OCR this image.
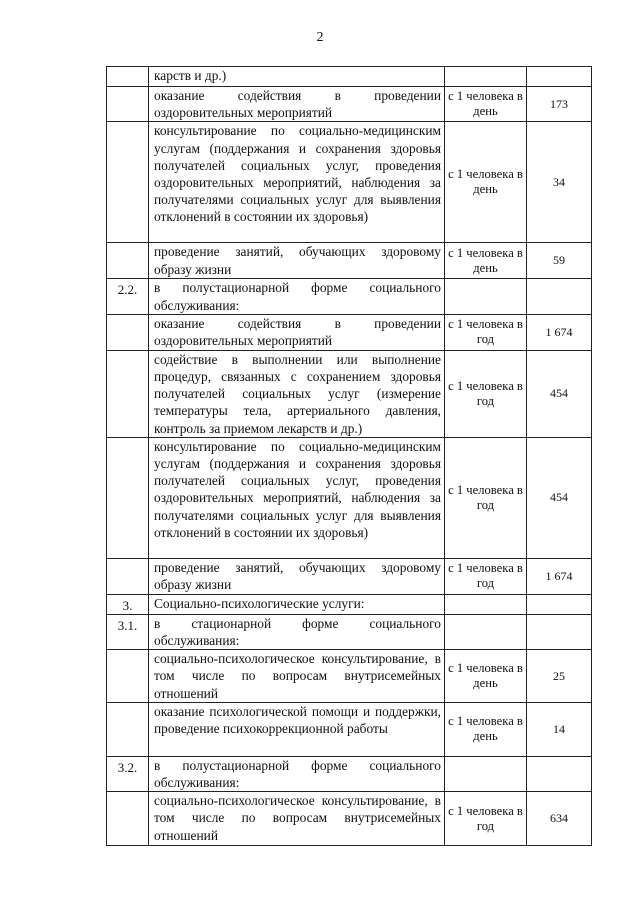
2
	карств и др.)		
	оказание содействия в проведении оздоровительных мероприятий	с 1 человека в день	173
	консультирование по социально-медицинским услугам (поддержания и сохранения здоровья получателей социальных услуг, проведения оздоровительных мероприятий, наблюдения за получателями социальных услуг для выявления отклонений в состоянии их здоровья)	с 1 человека в день	34
	проведение занятий, обучающих здоровому образу жизни	с 1 человека в день	59
2.2.	в полустационарной форме социального обслуживания:		
	оказание содействия в проведении оздоровительных мероприятий	с 1 человека в год	1 674
	содействие в выполнении или выполнение процедур, связанных с сохранением здоровья получателей социальных услуг (измерение температуры тела, артериального давления, контроль за приемом лекарств и др.)	с 1 человека в год	454
	консультирование по социально-медицинским услугам (поддержания и сохранения здоровья получателей социальных услуг, проведения оздоровительных мероприятий, наблюдения за получателями социальных услуг для выявления отклонений в состоянии их здоровья)	с 1 человека в год	454
	проведение занятий, обучающих здоровому образу жизни	с 1 человека в год	1 674
3.	Социально-психологические услуги:		
3.1.	в стационарной форме социального обслуживания:		
	социально-психологическое консультирование, в том числе по вопросам внутрисемейных отношений	с 1 человека в день	25
	оказание психологической помощи и поддержки, проведение психокоррекционной работы	с 1 человека в день	14
3.2.	в полустационарной форме социального обслуживания:		
	социально-психологическое консультирование, в том числе по вопросам внутрисемейных отношений	с 1 человека в год	634
